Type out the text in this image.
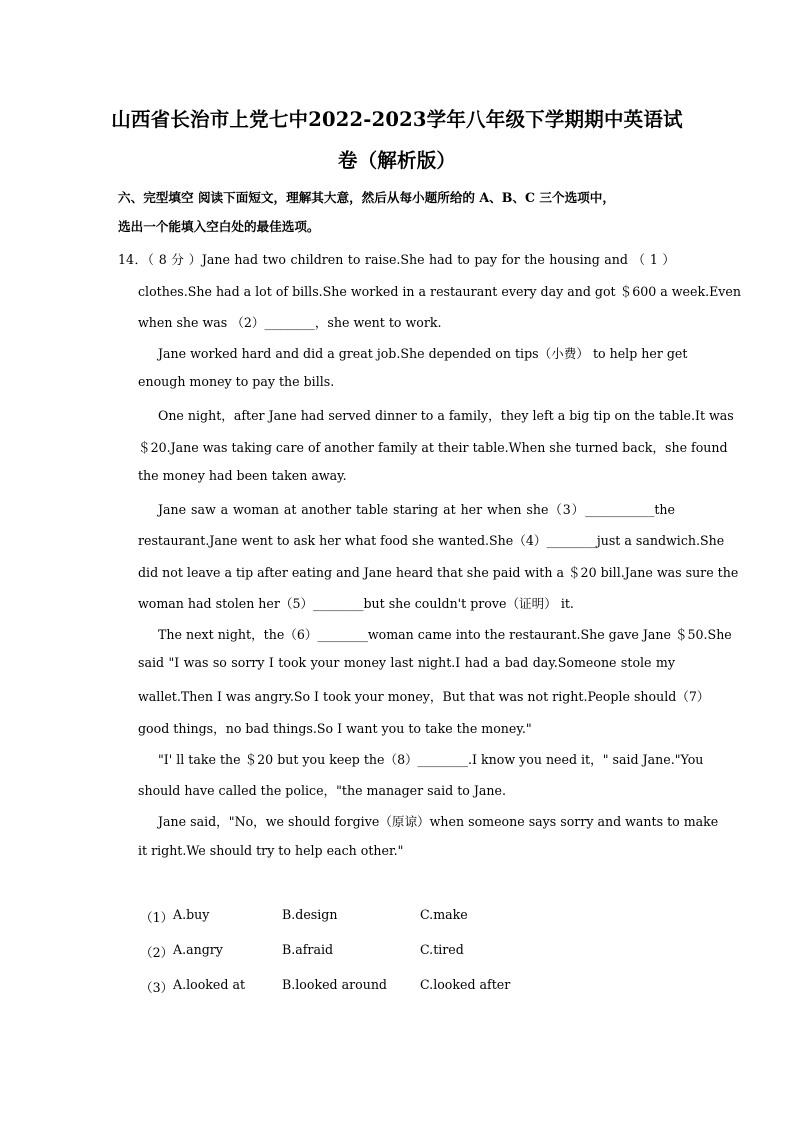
山西省长治市上党七中2022-2023学年八年级下学期期中英语试
卷（解析版）
六、完型填空 阅读下面短文，理解其大意，然后从每小题所给的 A、B、C 三个选项中，
选出一个能填入空白处的最佳选项。
14．（ 8 分 ）Jane had two children to raise.She had to pay for the housing and （ 1 ）
clothes.She had a lot of bills.She worked in a restaurant every day and got ＄600 a week.Even
when she was （2）________，she went to work.
Jane worked hard and did a great job.She depended on tips（小费） to help her get
enough money to pay the bills.
One night，after Jane had served dinner to a family，they left a big tip on the table.It was
＄20.Jane was taking care of another family at their table.When she turned back，she found
the money had been taken away.
Jane saw a woman at another table staring at her when she（3）___________the
restaurant.Jane went to ask her what food she wanted.She（4）________just a sandwich.She
did not leave a tip after eating and Jane heard that she paid with a ＄20 bill.Jane was sure the
woman had stolen her（5）________but she couldn't prove（证明） it.
The next night，the（6）________woman came into the restaurant.She gave Jane ＄50.She
said "I was so sorry I took your money last night.I had a bad day.Someone stole my
wallet.Then I was angry.So I took your money，But that was not right.People should（7）
good things，no bad things.So I want you to take the money."
"I' ll take the ＄20 but you keep the（8）________.I know you need it，" said Jane."You
should have called the police，"the manager said to Jane.
Jane said，"No，we should forgive（原谅）when someone says sorry and wants to make
it right.We should try to help each other."
（1） A.buy	B.design	C.make
（2） A.angry	B.afraid	C.tired
（3） A.looked at	B.looked around	C.looked after
